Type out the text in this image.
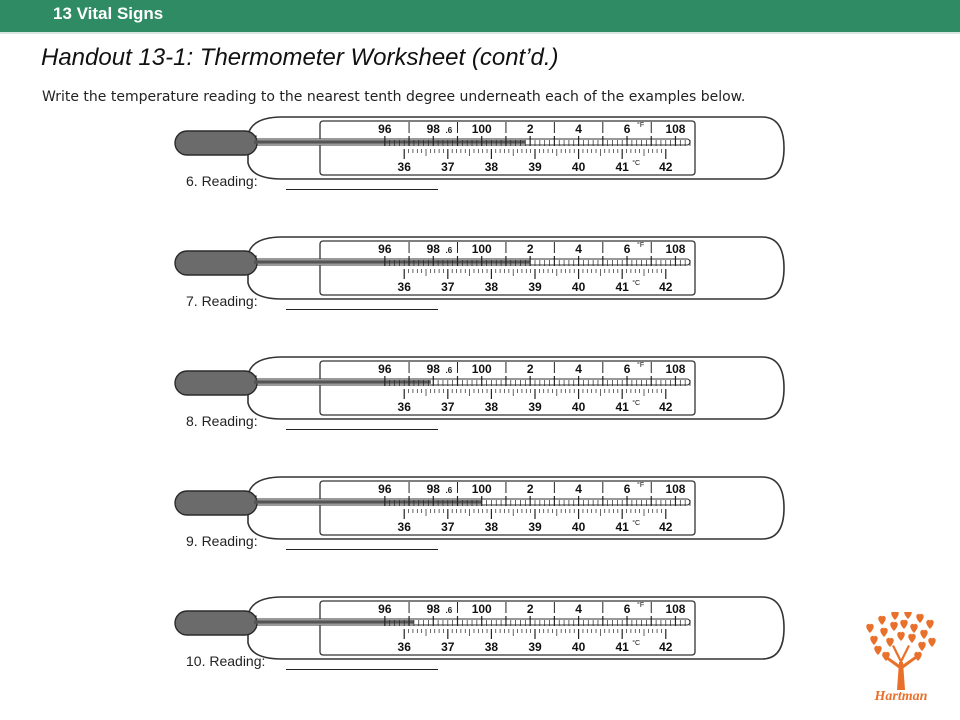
13 Vital Signs
Handout 13-1: Thermometer Worksheet (cont’d.)
Write the temperature reading to the nearest tenth degree underneath each of the examples below.
96	98 .6 100	2	4	6	108
°F
36	37	38	39	40	41	42
°C
6. Reading:
96	98 .6 100	2	4	6	108
°F
36	37	38	39	40	41	42
°C
7. Reading:
96	98 .6 100	2	4	6	108
°F
36	37	38	39	40	41	42
°C
8. Reading:
96	98 .6 100	2	4	6	108
°F
36	37	38	39	40	41	42
°C
9. Reading:
96	98 .6 100	2	4	6	108
°F
36	37	38	39	40	41	42
°C
10. Reading:
Hartman
